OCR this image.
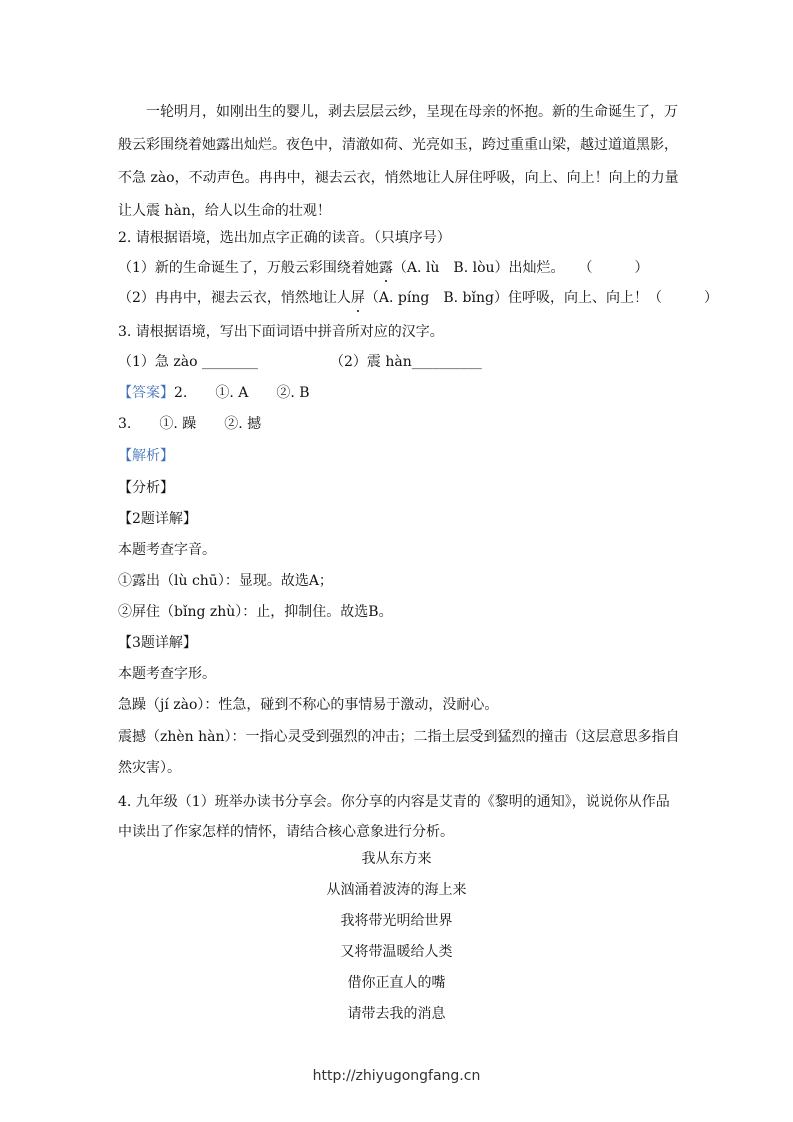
　　一轮明月，如刚出生的婴儿，剥去层层云纱，呈现在母亲的怀抱。新的生命诞生了，万
般云彩围绕着她露出灿烂。夜色中，清澈如荷、光亮如玉，跨过重重山梁，越过道道黑影，
不急 zào，不动声色。冉冉中，褪去云衣，悄然地让人屏住呼吸，向上、向上！向上的力量
让人震 hàn，给人以生命的壮观！
2. 请根据语境，选出加点字正确的读音。（只填序号）
（1）新的生命诞生了，万般云彩围绕着她露（A. lù　B. lòu）出灿烂。　　（　　　）
（2）冉冉中，褪去云衣，悄然地让人屏（A. píng　B. bǐng）住呼吸，向上、向上！（　　　）
3. 请根据语境，写出下面词语中拼音所对应的汉字。
（1）急 zào ________	（2）震 hàn__________
【答案】2.　　①. A　　②. B
3.　　①. 躁　　②. 撼
【解析】
【分析】
【2题详解】
本题考查字音。
①露出（lù chū）：显现。故选A；
②屏住（bǐng zhù）：止，抑制住。故选B。
【3题详解】
本题考查字形。
急躁（jí zào）：性急，碰到不称心的事情易于激动，没耐心。
震撼（zhèn hàn）：一指心灵受到强烈的冲击；二指土层受到猛烈的撞击（这层意思多指自
然灾害）。
4. 九年级（1）班举办读书分享会。你分享的内容是艾青的《黎明的通知》，说说你从作品
中读出了作家怎样的情怀，请结合核心意象进行分析。
我从东方来
从汹涌着波涛的海上来
我将带光明给世界
又将带温暖给人类
借你正直人的嘴
请带去我的消息
http://zhiyugongfang.cn
